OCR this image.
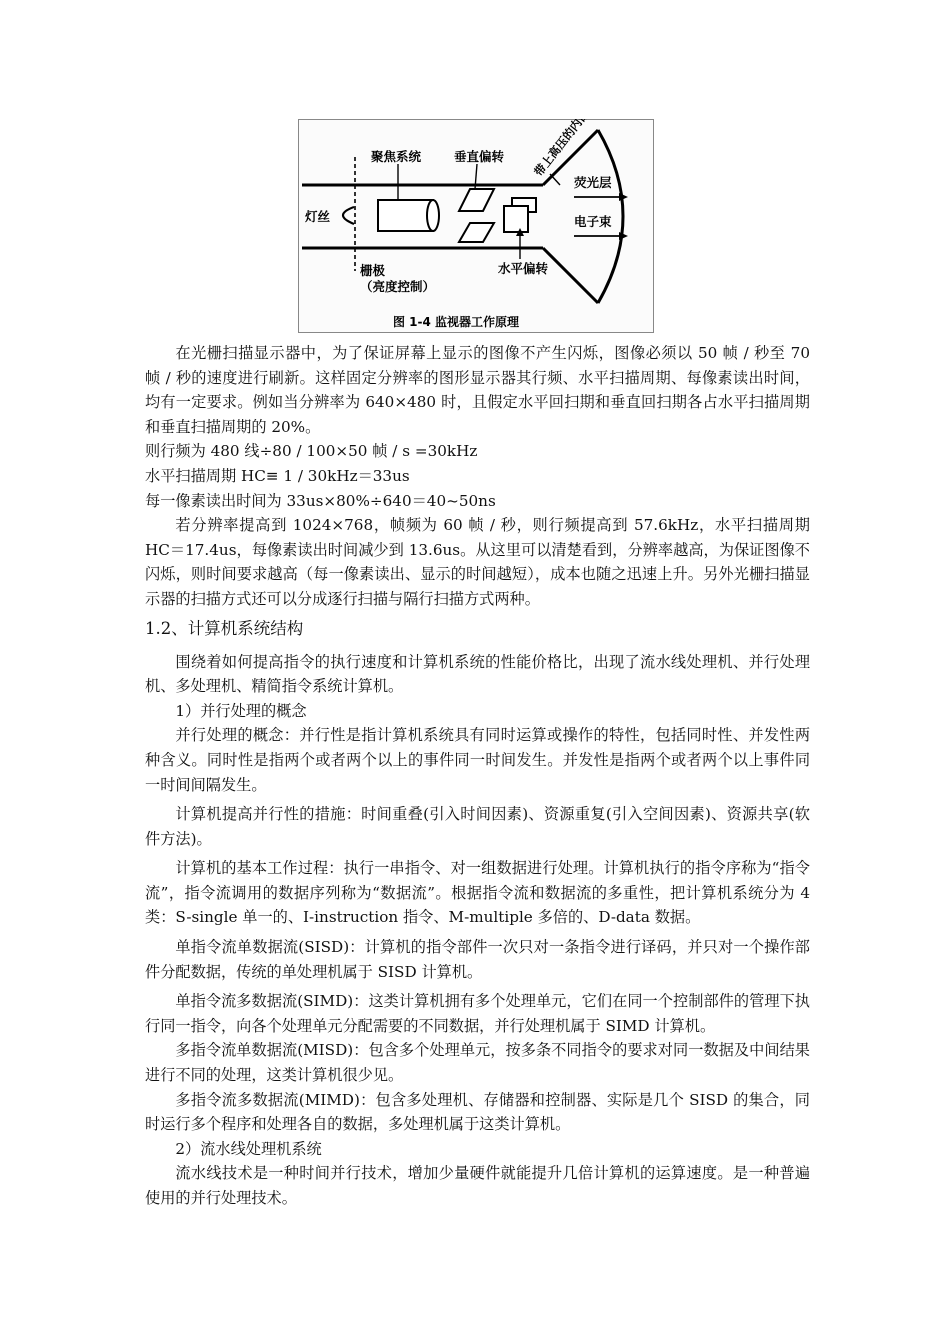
聚焦系统	垂直偏转
荧光层
电子束
灯丝
栅极
（亮度控制）
水平偏转
图 1-4 监视器工作原理

在光栅扫描显示器中，为了保证屏幕上显示的图像不产生闪烁，图像必须以 50 帧 / 秒至 70 帧 / 秒的速度进行刷新。这样固定分辨率的图形显示器其行频、水平扫描周期、每像素读出时间，均有一定要求。例如当分辨率为 640×480 时，且假定水平回扫期和垂直回扫期各占水平扫描周期和垂直扫描周期的 20%。

则行频为 480 线÷80 / 100×50 帧 / s =30kHz

水平扫描周期 HC≡ 1 / 30kHz＝33us

每一像素读出时间为 33us×80%÷640＝40~50ns

若分辨率提高到 1024×768，帧频为 60 帧 / 秒，则行频提高到 57.6kHz，水平扫描周期 HC＝17.4us，每像素读出时间减少到 13.6us。从这里可以清楚看到，分辨率越高，为保证图像不闪烁，则时间要求越高（每一像素读出、显示的时间越短），成本也随之迅速上升。另外光栅扫描显示器的扫描方式还可以分成逐行扫描与隔行扫描方式两种。

1.2、计算机系统结构

围绕着如何提高指令的执行速度和计算机系统的性能价格比，出现了流水线处理机、并行处理机、多处理机、精简指令系统计算机。

1）并行处理的概念

并行处理的概念：并行性是指计算机系统具有同时运算或操作的特性，包括同时性、并发性两种含义。同时性是指两个或者两个以上的事件同一时间发生。并发性是指两个或者两个以上事件同一时间间隔发生。

计算机提高并行性的措施：时间重叠(引入时间因素)、资源重复(引入空间因素)、资源共享(软件方法)。

计算机的基本工作过程：执行一串指令、对一组数据进行处理。计算机执行的指令序称为“指令流”，指令流调用的数据序列称为“数据流”。根据指令流和数据流的多重性，把计算机系统分为 4 类：S-single 单一的、I-instruction 指令、M-multiple 多倍的、D-data 数据。

单指令流单数据流(SISD)：计算机的指令部件一次只对一条指令进行译码，并只对一个操作部件分配数据，传统的单处理机属于 SISD 计算机。

单指令流多数据流(SIMD)：这类计算机拥有多个处理单元，它们在同一个控制部件的管理下执行同一指令，向各个处理单元分配需要的不同数据，并行处理机属于 SIMD 计算机。

多指令流单数据流(MISD)：包含多个处理单元，按多条不同指令的要求对同一数据及中间结果进行不同的处理，这类计算机很少见。

多指令流多数据流(MIMD)：包含多处理机、存储器和控制器、实际是几个 SISD 的集合，同时运行多个程序和处理各自的数据，多处理机属于这类计算机。

2）流水线处理机系统

流水线技术是一种时间并行技术，增加少量硬件就能提升几倍计算机的运算速度。是一种普遍使用的并行处理技术。
